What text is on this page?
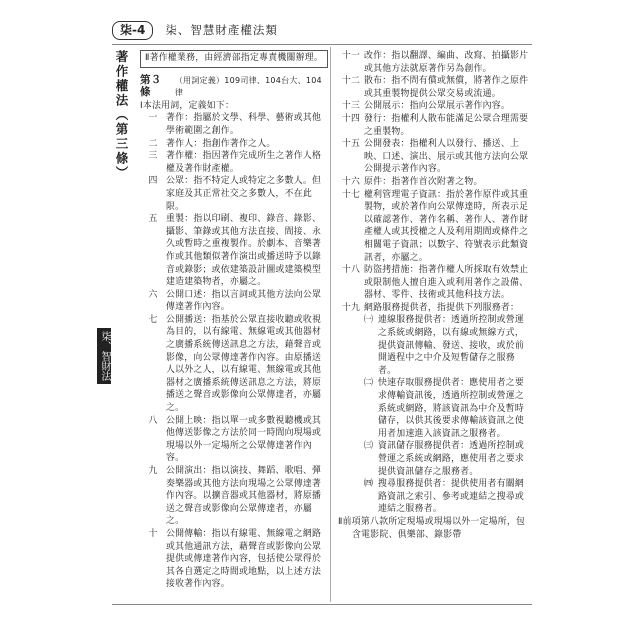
柒-4	柒、智慧財產權法類
著作權法（第三條）
柒、智財法類
Ⅱ著作權業務，由經濟部指定專責機關辦理。
第３條
（用詞定義）109司律、104台大、104律
Ⅰ本法用詞，定義如下：
一 著作：指屬於文學、科學、藝術或其他學術範圍之創作。
二 著作人：指創作著作之人。
三 著作權：指因著作完成所生之著作人格權及著作財產權。
四 公眾：指不特定人或特定之多數人。但家庭及其正常社交之多數人，不在此限。
五 重製：指以印刷、複印、錄音、錄影、攝影、筆錄或其他方法直接、間接、永久或暫時之重複製作。於劇本、音樂著作或其他類似著作演出或播送時予以錄音或錄影；或依建築設計圖或建築模型建造建築物者，亦屬之。
六 公開口述：指以言詞或其他方法向公眾傳達著作內容。
七 公開播送：指基於公眾直接收聽或收視為目的，以有線電、無線電或其他器材之廣播系統傳送訊息之方法，藉聲音或影像，向公眾傳達著作內容。由原播送人以外之人，以有線電、無線電或其他器材之廣播系統傳送訊息之方法，將原播送之聲音或影像向公眾傳達者，亦屬之。
八 公開上映：指以單一或多數視聽機或其他傳送影像之方法於同一時間向現場或現場以外一定場所之公眾傳達著作內容。
九 公開演出：指以演技、舞蹈、歌唱、彈奏樂器或其他方法向現場之公眾傳達著作內容。以擴音器或其他器材，將原播送之聲音或影像向公眾傳達者，亦屬之。
十 公開傳輸：指以有線電、無線電之網路或其他通訊方法，藉聲音或影像向公眾提供或傳達著作內容，包括使公眾得於其各自選定之時間或地點，以上述方法接收著作內容。
十一 改作：指以翻譯、編曲、改寫、拍攝影片或其他方法就原著作另為創作。
十二 散布：指不問有償或無償，將著作之原件或其重製物提供公眾交易或流通。
十三 公開展示：指向公眾展示著作內容。
十四 發行：指權利人散布能滿足公眾合理需要之重製物。
十五 公開發表：指權利人以發行、播送、上映、口述、演出、展示或其他方法向公眾公開提示著作內容。
十六 原件：指著作首次附著之物。
十七 權利管理電子資訊：指於著作原件或其重製物，或於著作向公眾傳達時，所表示足以確認著作、著作名稱、著作人、著作財產權人或其授權之人及利用期間或條件之相關電子資訊；以數字、符號表示此類資訊者，亦屬之。
十八 防盜拷措施：指著作權人所採取有效禁止或限制他人擅自進入或利用著作之設備、器材、零件、技術或其他科技方法。
十九 網路服務提供者，指提供下列服務者：
㈠ 連線服務提供者：透過所控制或營運之系統或網路，以有線或無線方式，提供資訊傳輸、發送、接收，或於前開過程中之中介及短暫儲存之服務者。
㈡ 快速存取服務提供者：應使用者之要求傳輸資訊後，透過所控制或營運之系統或網路，將該資訊為中介及暫時儲存，以供其後要求傳輸該資訊之使用者加速進入該資訊之服務者。
㈢ 資訊儲存服務提供者：透過所控制或營運之系統或網路，應使用者之要求提供資訊儲存之服務者。
㈣ 搜尋服務提供者：提供使用者有關網路資訊之索引、參考或連結之搜尋或連結之服務者。
Ⅱ前項第八款所定現場或現場以外一定場所，包含電影院、俱樂部、錄影帶
